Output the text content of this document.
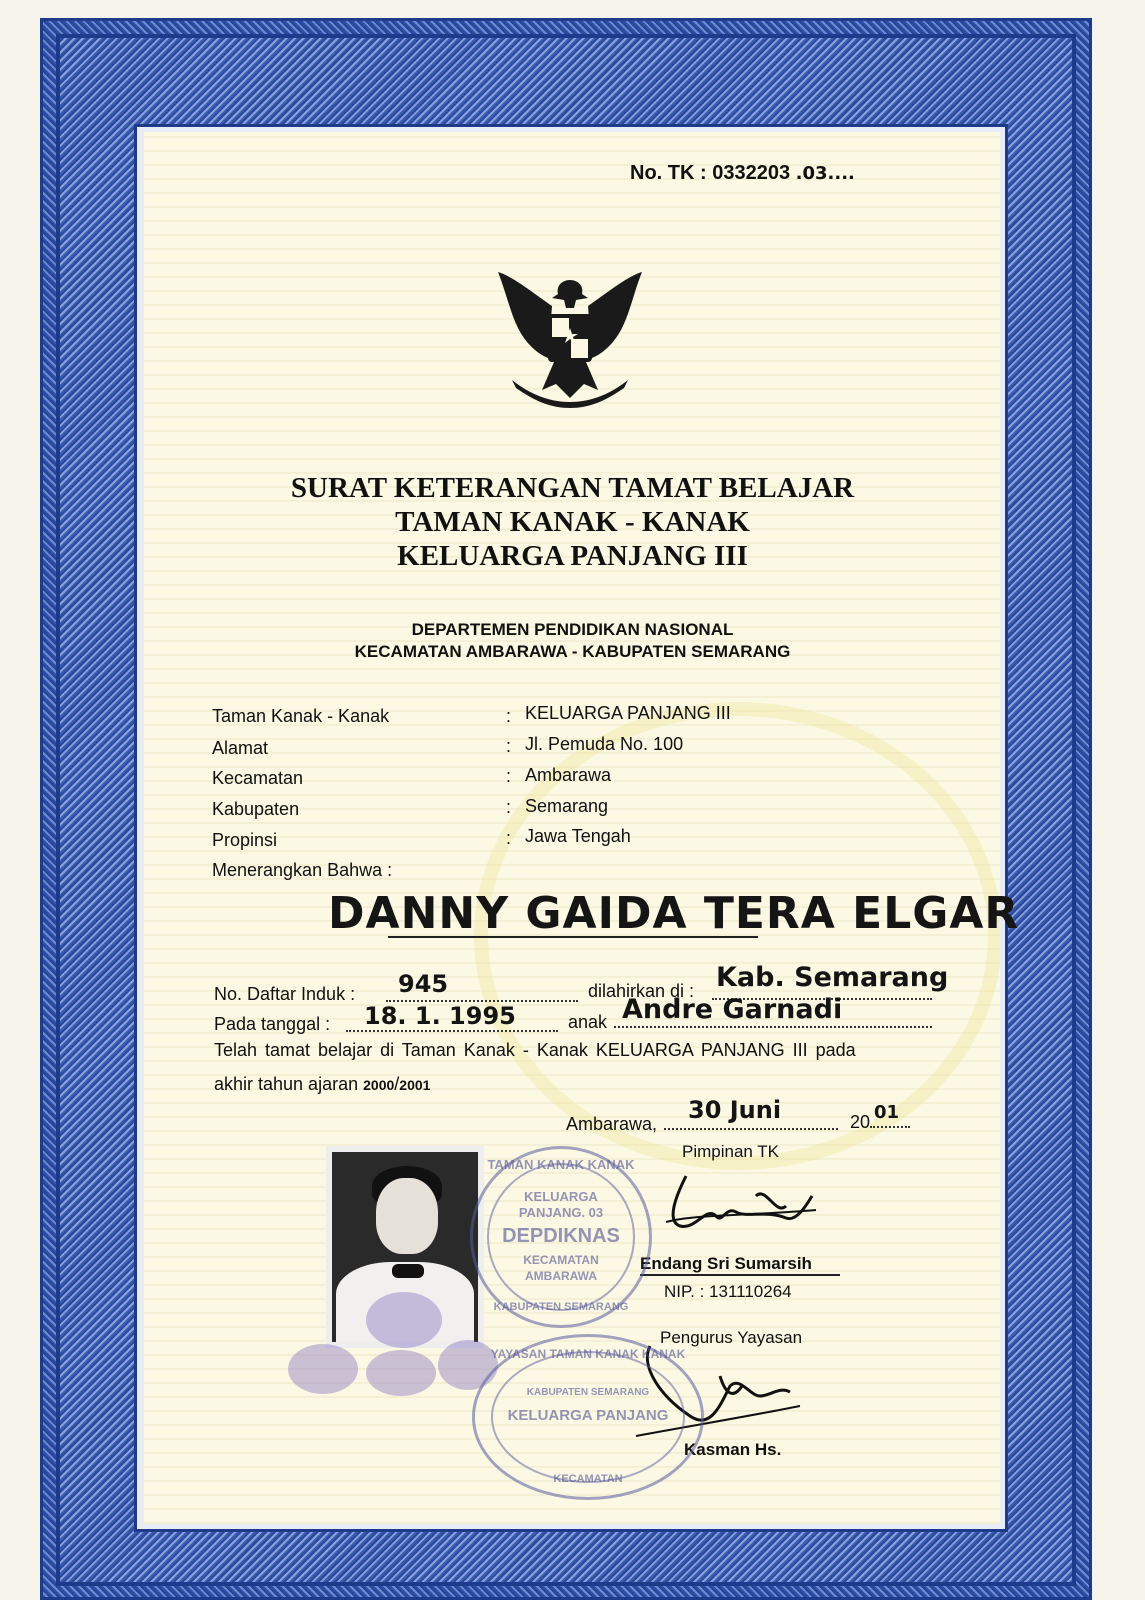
No. TK : 0332203 .03....
SURAT KETERANGAN TAMAT BELAJAR
TAMAN KANAK - KANAK
KELUARGA PANJANG III
DEPARTEMEN PENDIDIKAN NASIONAL
KECAMATAN AMBARAWA - KABUPATEN SEMARANG
Taman Kanak - Kanak	: KELUARGA PANJANG III
Alamat	: Jl. Pemuda No. 100
Kecamatan	: Ambarawa
Kabupaten	: Semarang
Propinsi	: Jawa Tengah
Menerangkan Bahwa :
DANNY GAIDA TERA ELGAR
No. Daftar Induk : 945	dilahirkan di : Kab. Semarang
Pada tanggal : 18. 1. 1995	anak Andre Garnadi
Telah tamat belajar di Taman Kanak - Kanak KELUARGA PANJANG III pada
akhir tahun ajaran 2000/2001
Ambarawa, 30 Juni	20 01
Pimpinan TK
Endang Sri Sumarsih
NIP. : 131110264
Pengurus Yayasan
Kasman Hs.
TAMAN KANAK KANAK
KELUARGA
PANJANG. 03
DEPDIKNAS
KECAMATAN
AMBARAWA
KABUPATEN SEMARANG
YAYASAN TAMAN KANAK KANAK
KABUPATEN SEMARANG
KELUARGA PANJANG
KECAMATAN
